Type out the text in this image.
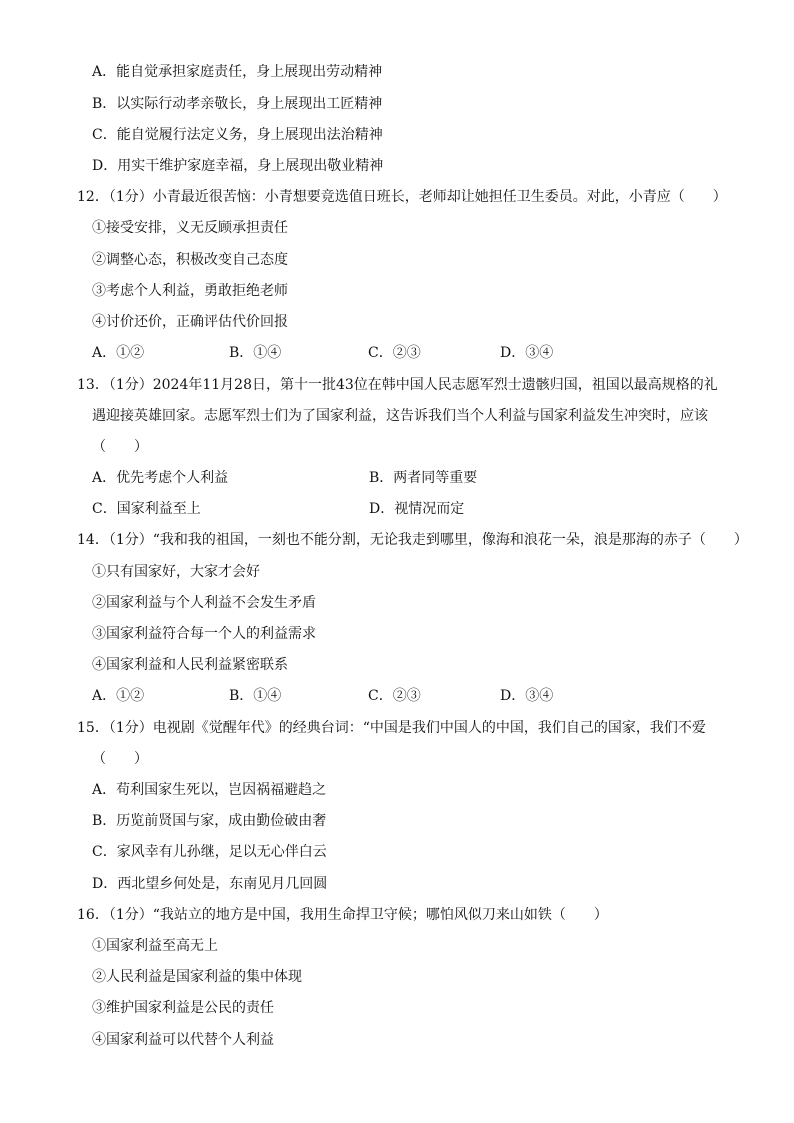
A．能自觉承担家庭责任，身上展现出劳动精神
B．以实际行动孝亲敬长，身上展现出工匠精神
C．能自觉履行法定义务，身上展现出法治精神
D．用实干维护家庭幸福，身上展现出敬业精神
12．（1分）小青最近很苦恼：小青想要竞选值日班长，老师却让她担任卫生委员。对此，小青应（　　）
①接受安排，义无反顾承担责任
②调整心态，积极改变自己态度
③考虑个人利益，勇敢拒绝老师
④讨价还价，正确评估代价回报
A．①②	B．①④	C．②③	D．③④
13．（1分）2024年11月28日，第十一批43位在韩中国人民志愿军烈士遗骸归国，祖国以最高规格的礼
遇迎接英雄回家。志愿军烈士们为了国家利益，这告诉我们当个人利益与国家利益发生冲突时，应该
（　　）
A．优先考虑个人利益	B．两者同等重要
C．国家利益至上	D．视情况而定
14．（1分）“我和我的祖国，一刻也不能分割，无论我走到哪里，像海和浪花一朵，浪是那海的赤子（　　）
①只有国家好，大家才会好
②国家利益与个人利益不会发生矛盾
③国家利益符合每一个人的利益需求
④国家利益和人民利益紧密联系
A．①②	B．①④	C．②③	D．③④
15．（1分）电视剧《觉醒年代》的经典台词：“中国是我们中国人的中国，我们自己的国家，我们不爱
（　　）
A．苟利国家生死以，岂因祸福避趋之
B．历览前贤国与家，成由勤俭破由奢
C．家风幸有儿孙继，足以无心伴白云
D．西北望乡何处是，东南见月几回圆
16．（1分）“我站立的地方是中国，我用生命捍卫守候；哪怕风似刀来山如铁（　　）
①国家利益至高无上
②人民利益是国家利益的集中体现
③维护国家利益是公民的责任
④国家利益可以代替个人利益
